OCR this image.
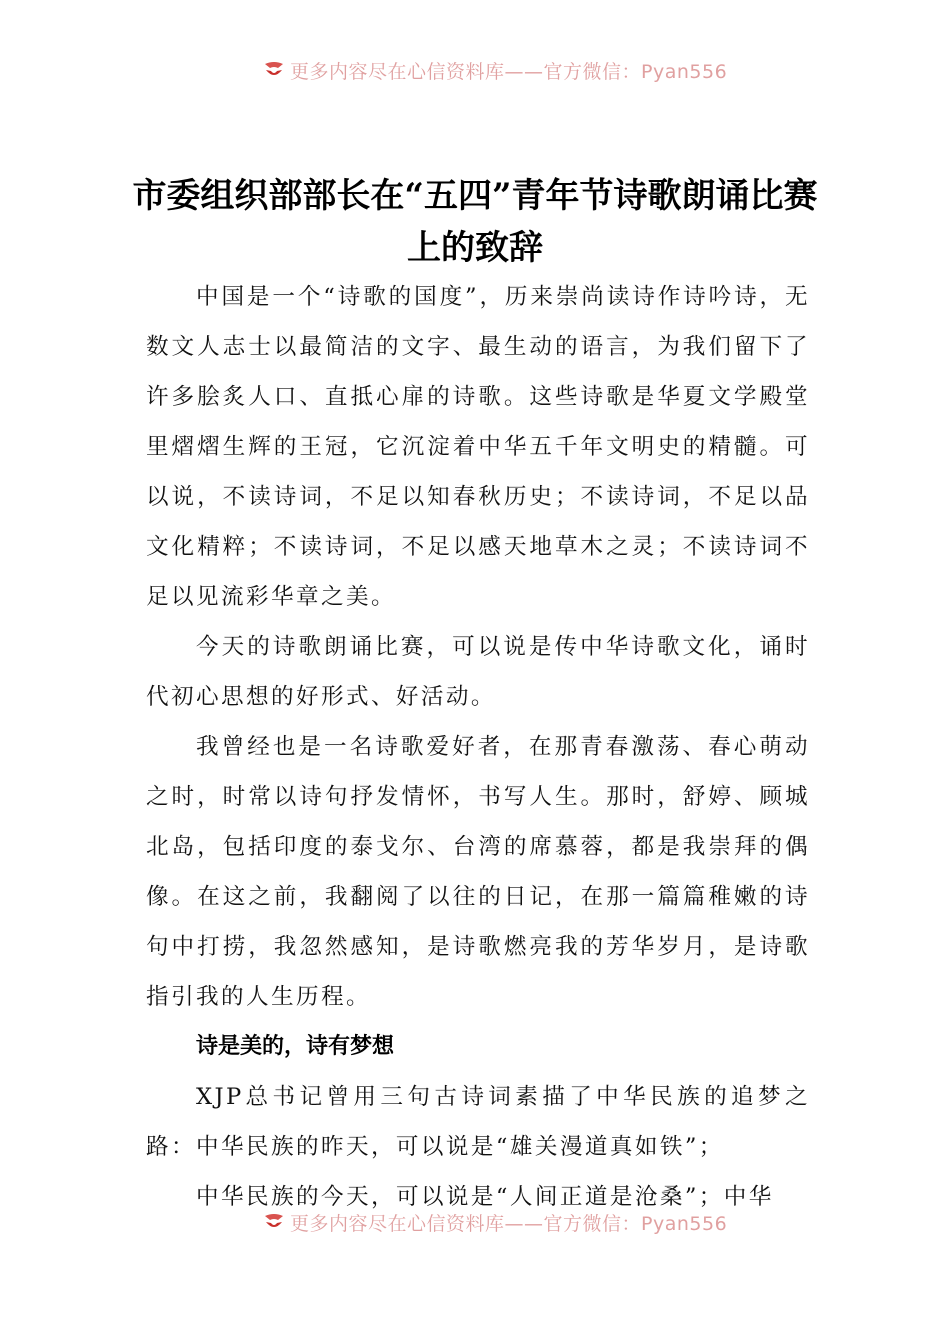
更多内容尽在心信资料库——官方微信：Pyan556
市委组织部部长在“五四”青年节诗歌朗诵比赛上的致辞

中国是一个“诗歌的国度”，历来崇尚读诗作诗吟诗，无数文人志士以最简洁的文字、最生动的语言，为我们留下了许多脍炙人口、直抵心扉的诗歌。这些诗歌是华夏文学殿堂里熠熠生辉的王冠，它沉淀着中华五千年文明史的精髓。可以说，不读诗词，不足以知春秋历史；不读诗词，不足以品文化精粹；不读诗词，不足以感天地草木之灵；不读诗词不足以见流彩华章之美。

今天的诗歌朗诵比赛，可以说是传中华诗歌文化，诵时代初心思想的好形式、好活动。

我曾经也是一名诗歌爱好者，在那青春激荡、春心萌动之时，时常以诗句抒发情怀，书写人生。那时，舒婷、顾城北岛，包括印度的泰戈尔、台湾的席慕蓉，都是我崇拜的偶像。在这之前，我翻阅了以往的日记，在那一篇篇稚嫩的诗句中打捞，我忽然感知，是诗歌燃亮我的芳华岁月，是诗歌指引我的人生历程。

诗是美的，诗有梦想

XJP总书记曾用三句古诗词素描了中华民族的追梦之路：中华民族的昨天，可以说是“雄关漫道真如铁”；

中华民族的今天，可以说是“人间正道是沧桑”；中华

更多内容尽在心信资料库——官方微信：Pyan556
